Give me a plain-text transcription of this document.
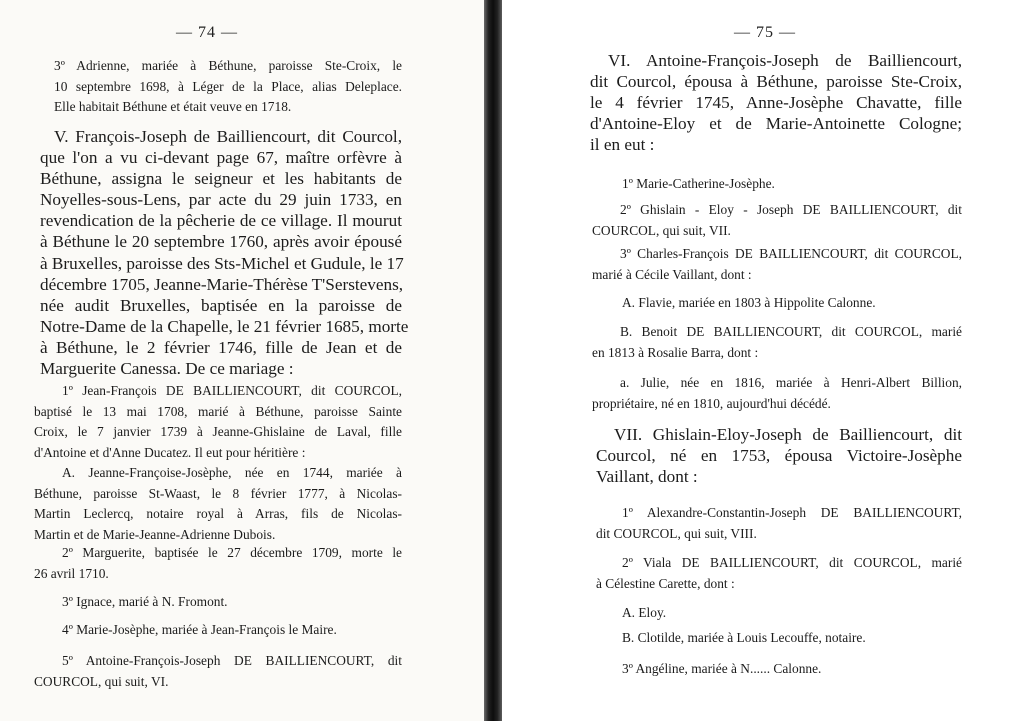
— 74 —
3º Adrienne, mariée à Béthune, paroisse Ste-Croix, le
10 septembre 1698, à Léger de la Place, alias Deleplace.
Elle habitait Béthune et était veuve en 1718.
V. François-Joseph de Bailliencourt, dit Courcol,
que l'on a vu ci-devant page 67, maître orfèvre à
Béthune, assigna le seigneur et les habitants de
Noyelles-sous-Lens, par acte du 29 juin 1733, en
revendication de la pêcherie de ce village. Il mourut
à Béthune le 20 septembre 1760, après avoir épousé
à Bruxelles, paroisse des Sts-Michel et Gudule, le 17
décembre 1705, Jeanne-Marie-Thérèse T'Serstevens,
née audit Bruxelles, baptisée en la paroisse de
Notre-Dame de la Chapelle, le 21 février 1685, morte
à Béthune, le 2 février 1746, fille de Jean et de
Marguerite Canessa. De ce mariage :
1º Jean-François DE BAILLIENCOURT, dit COURCOL,
baptisé le 13 mai 1708, marié à Béthune, paroisse Sainte
Croix, le 7 janvier 1739 à Jeanne-Ghislaine de Laval, fille
d'Antoine et d'Anne Ducatez. Il eut pour héritière :
A. Jeanne-Françoise-Josèphe, née en 1744, mariée à
Béthune, paroisse St-Waast, le 8 février 1777, à Nicolas-
Martin Leclercq, notaire royal à Arras, fils de Nicolas-
Martin et de Marie-Jeanne-Adrienne Dubois.
2º Marguerite, baptisée le 27 décembre 1709, morte le
26 avril 1710.
3º Ignace, marié à N. Fromont.
4º Marie-Josèphe, mariée à Jean-François le Maire.
5º Antoine-François-Joseph DE BAILLIENCOURT, dit
COURCOL, qui suit, VI.
— 75 —
VI. Antoine-François-Joseph de Bailliencourt,
dit Courcol, épousa à Béthune, paroisse Ste-Croix,
le 4 février 1745, Anne-Josèphe Chavatte, fille
d'Antoine-Eloy et de Marie-Antoinette Cologne;
il en eut :
1º Marie-Catherine-Josèphe.
2º Ghislain - Eloy - Joseph DE BAILLIENCOURT, dit
COURCOL, qui suit, VII.
3º Charles-François DE BAILLIENCOURT, dit COURCOL,
marié à Cécile Vaillant, dont :
A. Flavie, mariée en 1803 à Hippolite Calonne.
B. Benoit DE BAILLIENCOURT, dit COURCOL, marié
en 1813 à Rosalie Barra, dont :
a. Julie, née en 1816, mariée à Henri-Albert Billion,
propriétaire, né en 1810, aujourd'hui décédé.
VII. Ghislain-Eloy-Joseph de Bailliencourt, dit
Courcol, né en 1753, épousa Victoire-Josèphe
Vaillant, dont :
1º Alexandre-Constantin-Joseph DE BAILLIENCOURT,
dit COURCOL, qui suit, VIII.
2º Viala DE BAILLIENCOURT, dit COURCOL, marié
à Célestine Carette, dont :
A. Eloy.
B. Clotilde, mariée à Louis Lecouffe, notaire.
3º Angéline, mariée à N...... Calonne.
